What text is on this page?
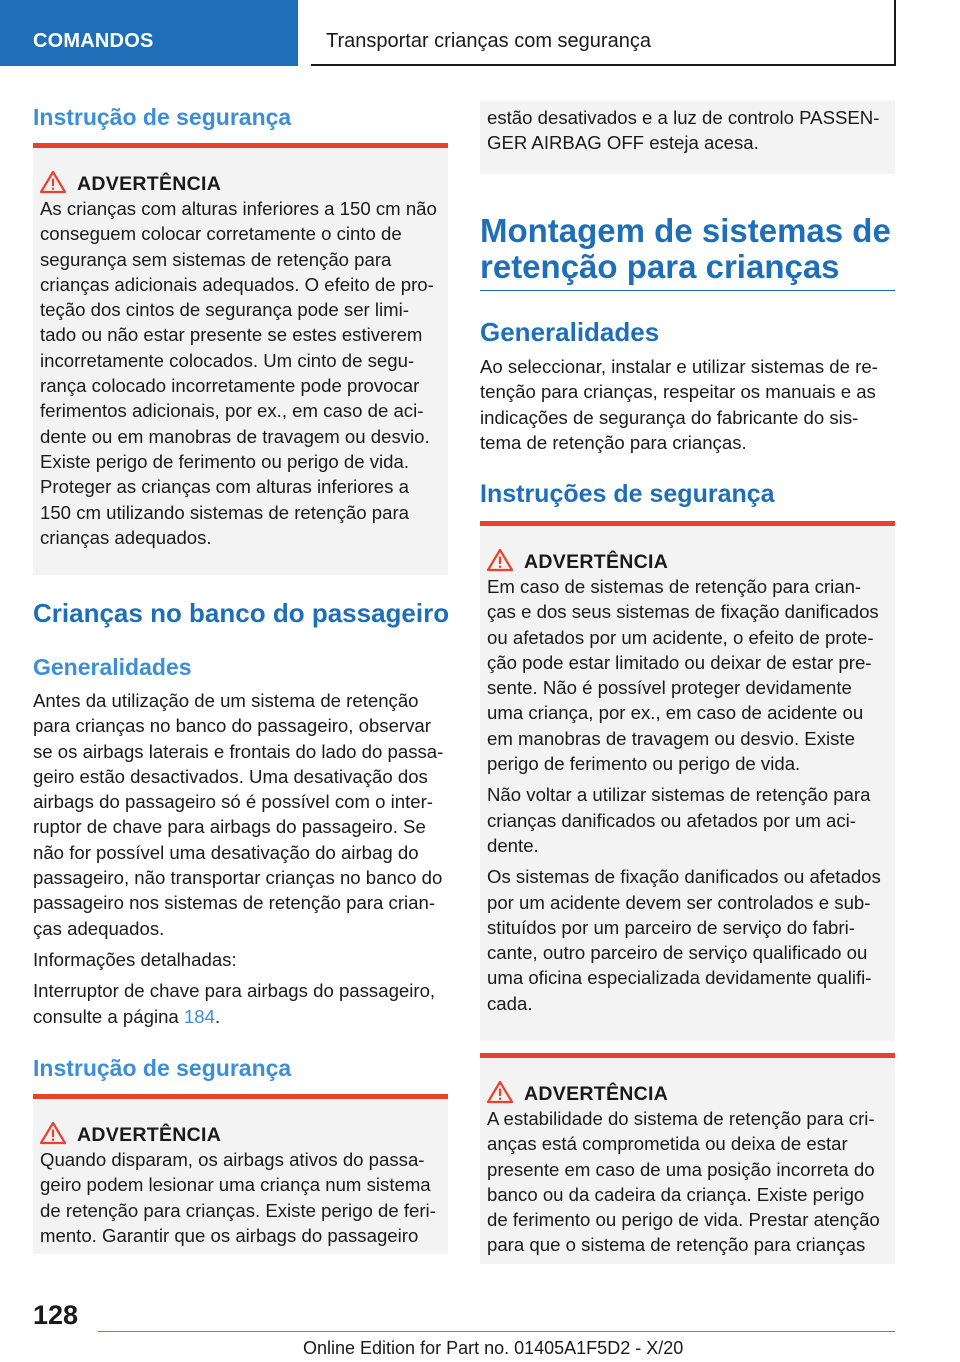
COMANDOS	Transportar crianças com segurança
Instrução de segurança
ADVERTÊNCIA
As crianças com alturas inferiores a 150 cm não conseguem colocar corretamente o cinto de segurança sem sistemas de retenção para crianças adicionais adequados. O efeito de pro- teção dos cintos de segurança pode ser limi- tado ou não estar presente se estes estiverem incorretamente colocados. Um cinto de segu- rança colocado incorretamente pode provocar ferimentos adicionais, por ex., em caso de aci- dente ou em manobras de travagem ou desvio. Existe perigo de ferimento ou perigo de vida. Proteger as crianças com alturas inferiores a 150 cm utilizando sistemas de retenção para crianças adequados.
Crianças no banco do passageiro
Generalidades

Antes da utilização de um sistema de retenção para crianças no banco do passageiro, observar se os airbags laterais e frontais do lado do passa- geiro estão desactivados. Uma desativação dos airbags do passageiro só é possível com o inter- ruptor de chave para airbags do passageiro. Se não for possível uma desativação do airbag do passageiro, não transportar crianças no banco do passageiro nos sistemas de retenção para crian- ças adequados.

Informações detalhadas:

Interruptor de chave para airbags do passageiro, consulte a página 184.

Instrução de segurança
ADVERTÊNCIA
Quando disparam, os airbags ativos do passa- geiro podem lesionar uma criança num sistema de retenção para crianças. Existe perigo de feri- mento. Garantir que os airbags do passageiro
estão desativados e a luz de controlo PASSEN- GER AIRBAG OFF esteja acesa.
Montagem de sistemas de retenção para crianças
Generalidades
Ao seleccionar, instalar e utilizar sistemas de re- tenção para crianças, respeitar os manuais e as indicações de segurança do fabricante do sis- tema de retenção para crianças.
Instruções de segurança
ADVERTÊNCIA

Em caso de sistemas de retenção para crian- ças e dos seus sistemas de fixação danificados ou afetados por um acidente, o efeito de prote- ção pode estar limitado ou deixar de estar pre- sente. Não é possível proteger devidamente uma criança, por ex., em caso de acidente ou em manobras de travagem ou desvio. Existe perigo de ferimento ou perigo de vida.

Não voltar a utilizar sistemas de retenção para crianças danificados ou afetados por um aci- dente.

Os sistemas de fixação danificados ou afetados por um acidente devem ser controlados e sub- stituídos por um parceiro de serviço do fabri- cante, outro parceiro de serviço qualificado ou uma oficina especializada devidamente qualifi- cada.

ADVERTÊNCIA
A estabilidade do sistema de retenção para cri- anças está comprometida ou deixa de estar presente em caso de uma posição incorreta do banco ou da cadeira da criança. Existe perigo de ferimento ou perigo de vida. Prestar atenção para que o sistema de retenção para crianças
128
Online Edition for Part no. 01405A1F5D2 - X/20
